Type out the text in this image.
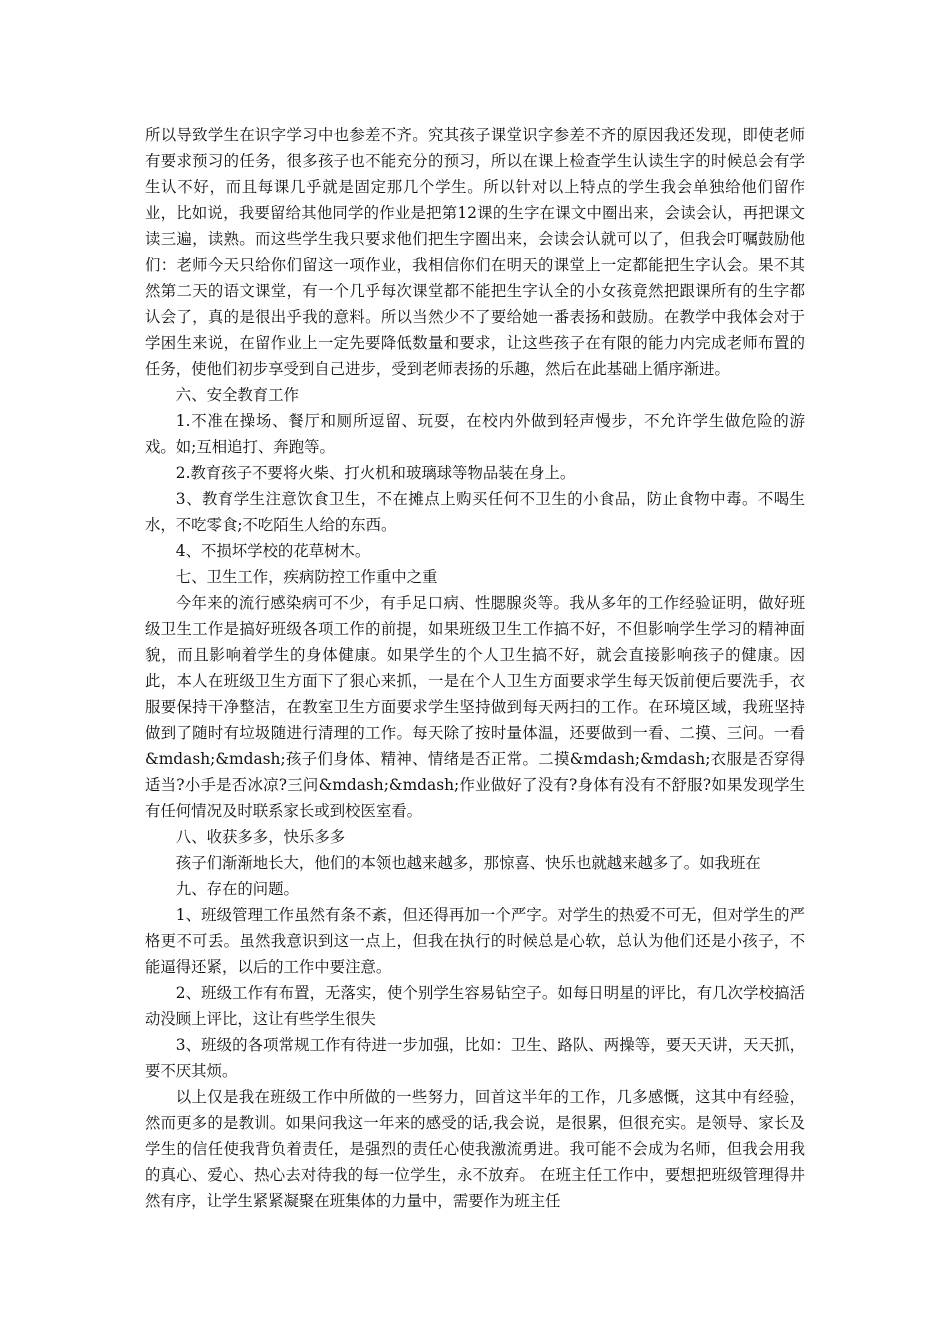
所以导致学生在识字学习中也参差不齐。究其孩子课堂识字参差不齐的原因我还发现，即使老师有要求预习的任务，很多孩子也不能充分的预习，所以在课上检查学生认读生字的时候总会有学生认不好，而且每课几乎就是固定那几个学生。所以针对以上特点的学生我会单独给他们留作业，比如说，我要留给其他同学的作业是把第12课的生字在课文中圈出来，会读会认，再把课文读三遍，读熟。而这些学生我只要求他们把生字圈出来，会读会认就可以了，但我会叮嘱鼓励他们：老师今天只给你们留这一项作业，我相信你们在明天的课堂上一定都能把生字认会。果不其然第二天的语文课堂，有一个几乎每次课堂都不能把生字认全的小女孩竟然把跟课所有的生字都认会了，真的是很出乎我的意料。所以当然少不了要给她一番表扬和鼓励。在教学中我体会对于学困生来说，在留作业上一定先要降低数量和要求，让这些孩子在有限的能力内完成老师布置的任务，使他们初步享受到自己进步，受到老师表扬的乐趣，然后在此基础上循序渐进。

六、安全教育工作

1.不准在操场、餐厅和厕所逗留、玩耍，在校内外做到轻声慢步，不允许学生做危险的游戏。如;互相追打、奔跑等。

2.教育孩子不要将火柴、打火机和玻璃球等物品装在身上。

3、教育学生注意饮食卫生，不在摊点上购买任何不卫生的小食品，防止食物中毒。不喝生水，不吃零食;不吃陌生人给的东西。

4、不损坏学校的花草树木。

七、卫生工作，疾病防控工作重中之重

今年来的流行感染病可不少，有手足口病、性腮腺炎等。我从多年的工作经验证明，做好班级卫生工作是搞好班级各项工作的前提，如果班级卫生工作搞不好，不但影响学生学习的精神面貌，而且影响着学生的身体健康。如果学生的个人卫生搞不好，就会直接影响孩子的健康。因此，本人在班级卫生方面下了狠心来抓，一是在个人卫生方面要求学生每天饭前便后要洗手，衣服要保持干净整洁，在教室卫生方面要求学生坚持做到每天两扫的工作。在环境区域，我班坚持做到了随时有垃圾随进行清理的工作。每天除了按时量体温，还要做到一看、二摸、三问。一看&mdash;&mdash;孩子们身体、精神、情绪是否正常。二摸&mdash;&mdash;衣服是否穿得适当?小手是否冰凉?三问&mdash;&mdash;作业做好了没有?身体有没有不舒服?如果发现学生有任何情况及时联系家长或到校医室看。

八、收获多多，快乐多多

孩子们渐渐地长大，他们的本领也越来越多，那惊喜、快乐也就越来越多了。如我班在

九、存在的问题。

1、班级管理工作虽然有条不紊，但还得再加一个严字。对学生的热爱不可无，但对学生的严格更不可丢。虽然我意识到这一点上，但我在执行的时候总是心软，总认为他们还是小孩子，不能逼得还紧，以后的工作中要注意。

2、班级工作有布置，无落实，使个别学生容易钻空子。如每日明星的评比，有几次学校搞活动没顾上评比，这让有些学生很失

3、班级的各项常规工作有待进一步加强，比如：卫生、路队、两操等，要天天讲，天天抓，要不厌其烦。

以上仅是我在班级工作中所做的一些努力，回首这半年的工作，几多感慨，这其中有经验，然而更多的是教训。如果问我这一年来的感受的话,我会说，是很累，但很充实。是领导、家长及学生的信任使我背负着责任，是强烈的责任心使我激流勇进。我可能不会成为名师，但我会用我的真心、爱心、热心去对待我的每一位学生，永不放弃。 在班主任工作中，要想把班级管理得井然有序，让学生紧紧凝聚在班集体的力量中，需要作为班主任
